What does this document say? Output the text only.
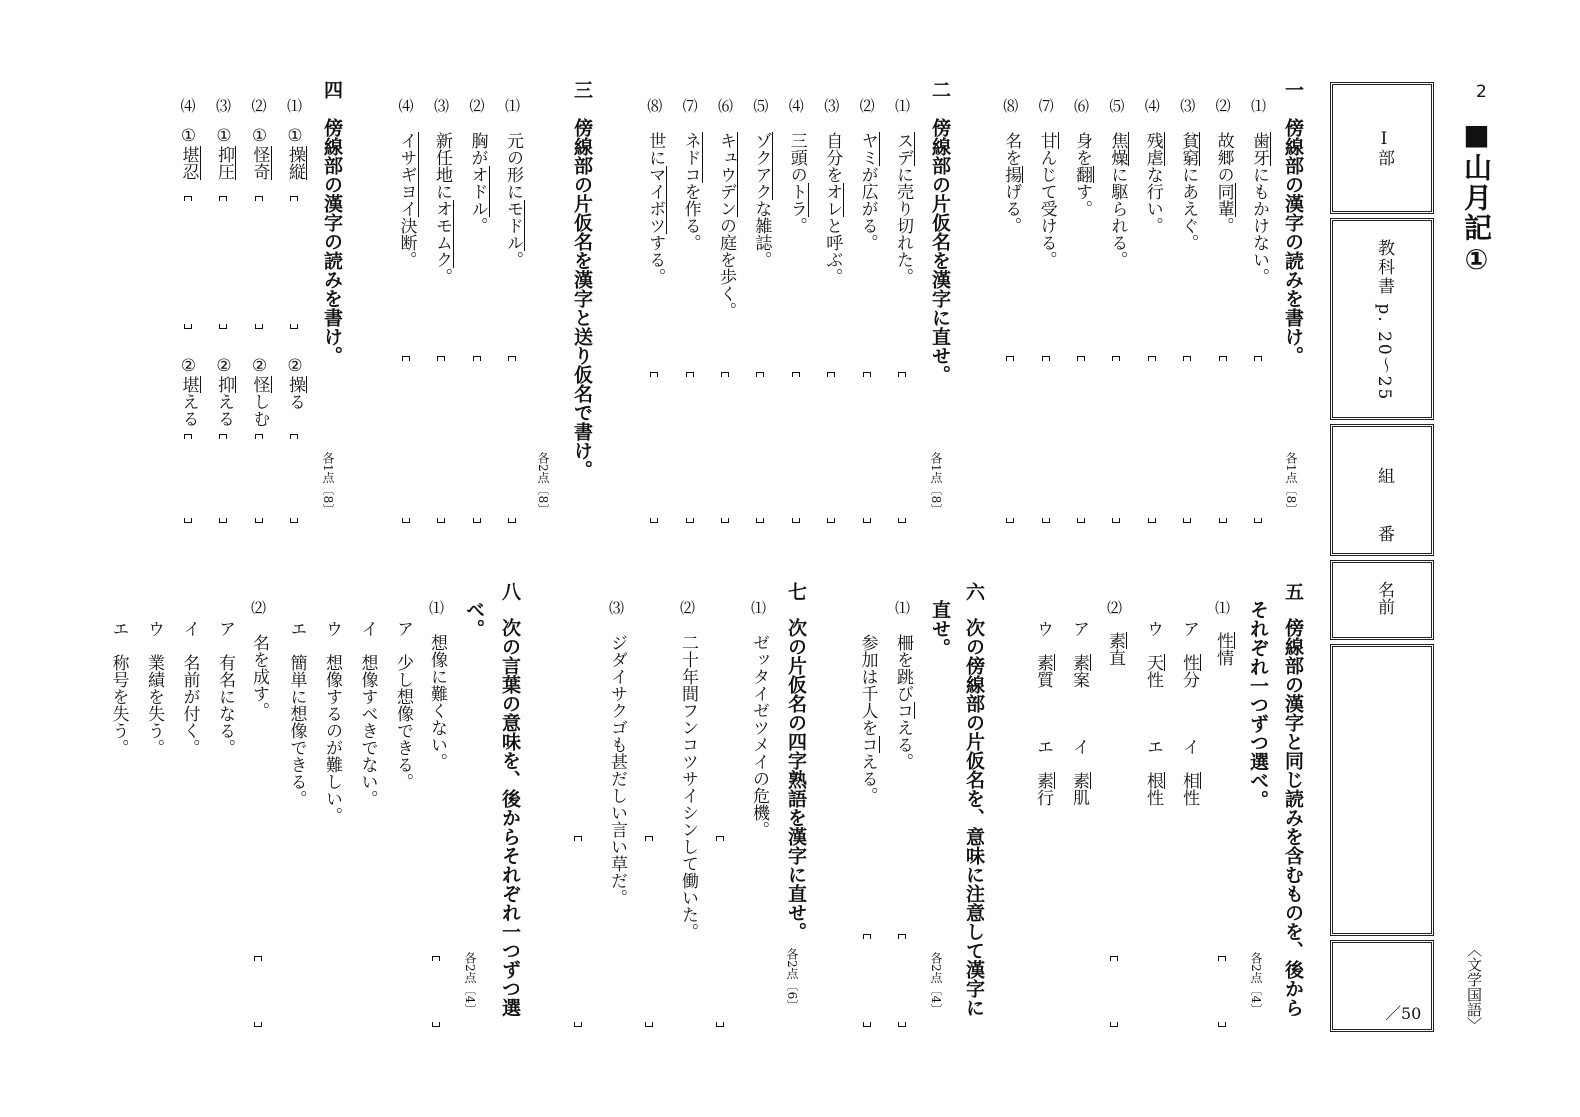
2
■山月記①
〈文学国語〉
Ⅰ部
教科書 p. 20～25
組
番
名前
／50
一
傍線部の漢字の読みを書け。
各1点〔8〕
⑴
歯牙にもかけない。
⑵
故郷の同輩。
⑶
貧窮にあえぐ。
⑷
残虐な行い。
⑸
焦燥に駆られる。
⑹
身を翻す。
⑺
甘んじて受ける。
⑻
名を揚げる。
二
傍線部の片仮名を漢字に直せ。
各1点〔8〕
⑴
スデに売り切れた。
⑵
ヤミが広がる。
⑶
自分をオレと呼ぶ。
⑷
三頭のトラ。
⑸
ゾクアクな雑誌。
⑹
キュウデンの庭を歩く。
⑺
ネドコを作る。
⑻
世にマイボツする。
三
傍線部の片仮名を漢字と送り仮名で書け。
各2点〔8〕
⑴
元の形にモドル。
⑵
胸がオドル。
⑶
新任地にオモムク。
⑷
イサギヨイ決断。
四
傍線部の漢字の読みを書け。
各1点〔8〕
⑴
①操縦
②操る
⑵
①怪奇
②怪しむ
⑶
①抑圧
②抑える
⑷
①堪忍
②堪える
五
傍線部の漢字と同じ読みを含むものを、後から
それぞれ一つずつ選べ。
各2点〔4〕
⑴
性情
ア　性分
イ　相性
ウ　天性
エ　根性
⑵
素直
ア　素案
イ　素肌
ウ　素質
エ　素行
六
次の傍線部の片仮名を、意味に注意して漢字に
直せ。
各2点〔4〕
⑴
柵を跳びコえる。
参加は千人をコえる。
七
次の片仮名の四字熟語を漢字に直せ。
各2点〔6〕
⑴
ゼッタイゼツメイの危機。
⑵
二十年間フンコツサイシンして働いた。
⑶
ジダイサクゴも甚だしい言い草だ。
八
次の言葉の意味を、後からそれぞれ一つずつ選
べ。
各2点〔4〕
⑴
想像に難くない。
ア　少し想像できる。
イ　想像すべきでない。
ウ　想像するのが難しい。
エ　簡単に想像できる。
⑵
名を成す。
ア　有名になる。
イ　名前が付く。
ウ　業績を失う。
エ　称号を失う。
